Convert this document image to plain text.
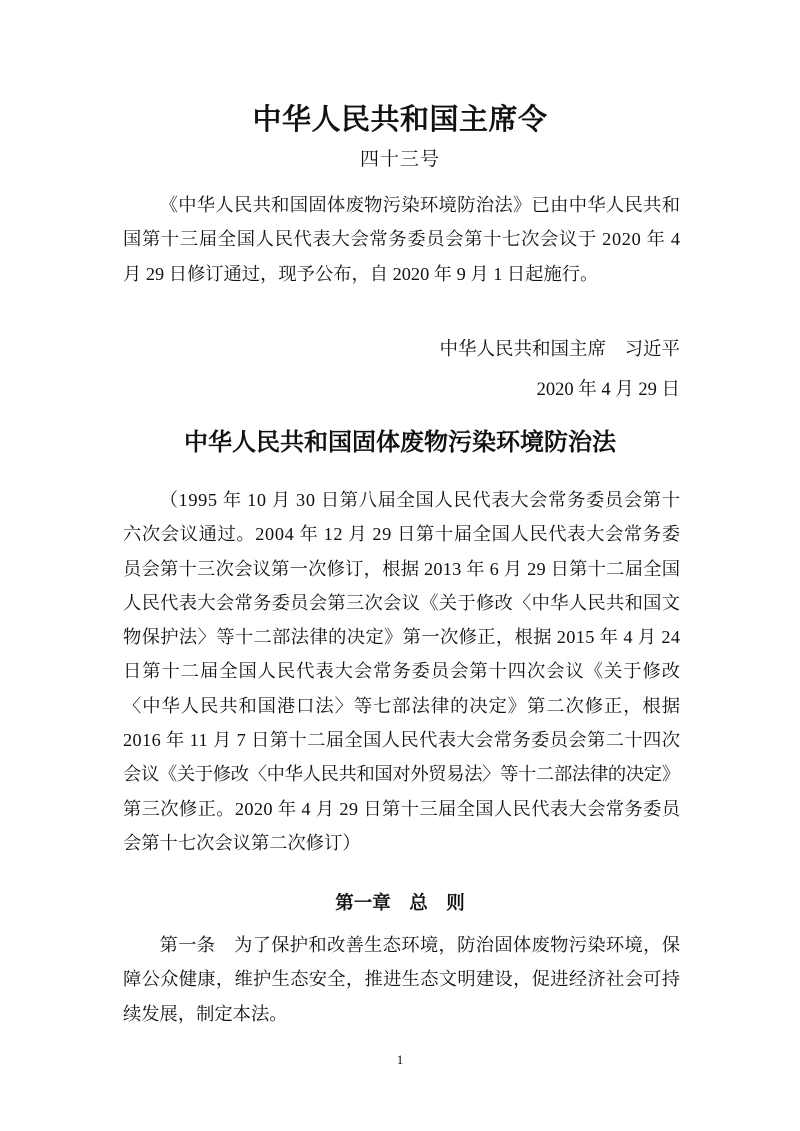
中华人民共和国主席令
四十三号
《中华人民共和国固体废物污染环境防治法》已由中华人民共和
国第十三届全国人民代表大会常务委员会第十七次会议于 2020 年 4
月 29 日修订通过，现予公布，自 2020 年 9 月 1 日起施行。
中华人民共和国主席　习近平
2020 年 4 月 29 日
中华人民共和国固体废物污染环境防治法
（1995 年 10 月 30 日第八届全国人民代表大会常务委员会第十
六次会议通过。2004 年 12 月 29 日第十届全国人民代表大会常务委
员会第十三次会议第一次修订，根据 2013 年 6 月 29 日第十二届全国
人民代表大会常务委员会第三次会议《关于修改〈中华人民共和国文
物保护法〉等十二部法律的决定》第一次修正，根据 2015 年 4 月 24
日第十二届全国人民代表大会常务委员会第十四次会议《关于修改
〈中华人民共和国港口法〉等七部法律的决定》第二次修正，根据
2016 年 11 月 7 日第十二届全国人民代表大会常务委员会第二十四次
会议《关于修改〈中华人民共和国对外贸易法〉等十二部法律的决定》
第三次修正。2020 年 4 月 29 日第十三届全国人民代表大会常务委员
会第十七次会议第二次修订）
第一章　总　则
第一条　为了保护和改善生态环境，防治固体废物污染环境，保
障公众健康，维护生态安全，推进生态文明建设，促进经济社会可持
续发展，制定本法。
1
